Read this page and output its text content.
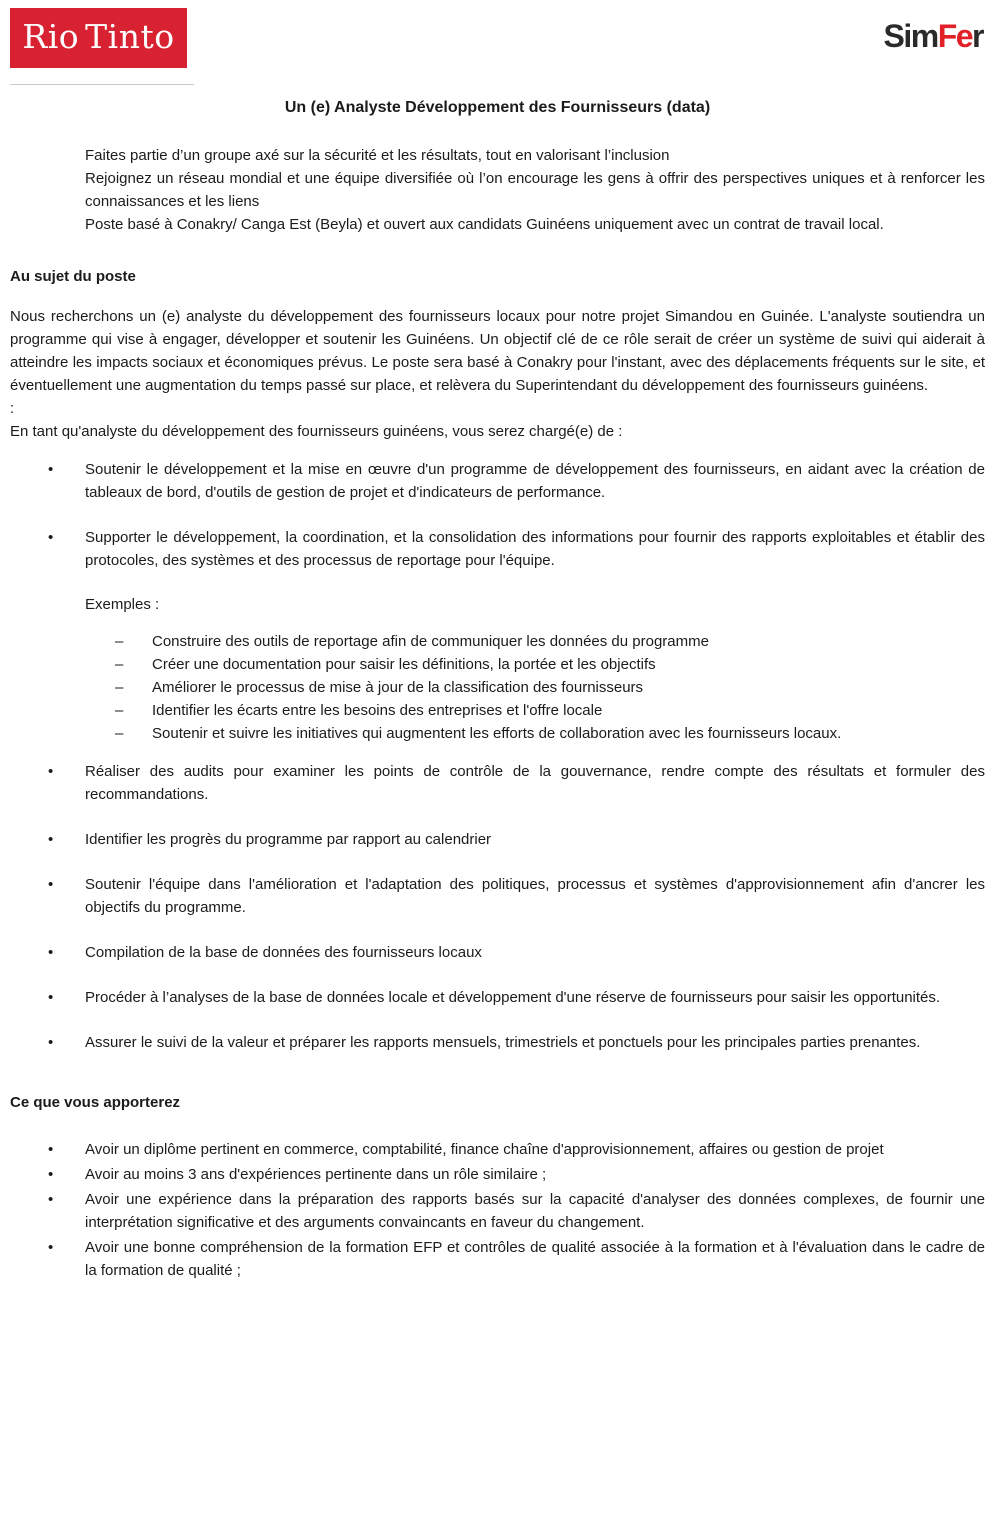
Rio Tinto	SimFer
Un (e) Analyste Développement des Fournisseurs (data)

Faites partie d’un groupe axé sur la sécurité et les résultats, tout en valorisant l’inclusion

Rejoignez un réseau mondial et une équipe diversifiée où l’on encourage les gens à offrir des perspectives uniques et à renforcer les connaissances et les liens

Poste basé à Conakry/ Canga Est (Beyla) et ouvert aux candidats Guinéens uniquement avec un contrat de travail local.

Au sujet du poste

Nous recherchons un (e) analyste du développement des fournisseurs locaux pour notre projet Simandou en Guinée. L'analyste soutiendra un programme qui vise à engager, développer et soutenir les Guinéens. Un objectif clé de ce rôle serait de créer un système de suivi qui aiderait à atteindre les impacts sociaux et économiques prévus. Le poste sera basé à Conakry pour l'instant, avec des déplacements fréquents sur le site, et éventuellement une augmentation du temps passé sur place, et relèvera du Superintendant du développement des fournisseurs guinéens.

:

En tant qu'analyste du développement des fournisseurs guinéens, vous serez chargé(e) de :

•	Soutenir le développement et la mise en œuvre d'un programme de développement des fournisseurs, en aidant avec la création de tableaux de bord, d'outils de gestion de projet et d'indicateurs de performance.
•	Supporter le développement, la coordination, et la consolidation des informations pour fournir des rapports exploitables et établir des protocoles, des systèmes et des processus de reportage pour l'équipe.

Exemples :

–	Construire des outils de reportage afin de communiquer les données du programme
–	Créer une documentation pour saisir les définitions, la portée et les objectifs
–	Améliorer le processus de mise à jour de la classification des fournisseurs
–	Identifier les écarts entre les besoins des entreprises et l'offre locale
–	Soutenir et suivre les initiatives qui augmentent les efforts de collaboration avec les fournisseurs locaux.
•	Réaliser des audits pour examiner les points de contrôle de la gouvernance, rendre compte des résultats et formuler des recommandations.
•	Identifier les progrès du programme par rapport au calendrier
•	Soutenir l'équipe dans l'amélioration et l'adaptation des politiques, processus et systèmes d'approvisionnement afin d'ancrer les objectifs du programme.
•	Compilation de la base de données des fournisseurs locaux
•	Procéder à l’analyses de la base de données locale et développement d'une réserve de fournisseurs pour saisir les opportunités.
•	Assurer le suivi de la valeur et préparer les rapports mensuels, trimestriels et ponctuels pour les principales parties prenantes.
Ce que vous apporterez
•	Avoir un diplôme pertinent en commerce, comptabilité, finance chaîne d'approvisionnement, affaires ou gestion de projet
•	Avoir au moins 3 ans d'expériences pertinente dans un rôle similaire ;
•	Avoir une expérience dans la préparation des rapports basés sur la capacité d'analyser des données complexes, de fournir une interprétation significative et des arguments convaincants en faveur du changement.
•	Avoir une bonne compréhension de la formation EFP et contrôles de qualité associée à la formation et à l'évaluation dans le cadre de la formation de qualité ;
